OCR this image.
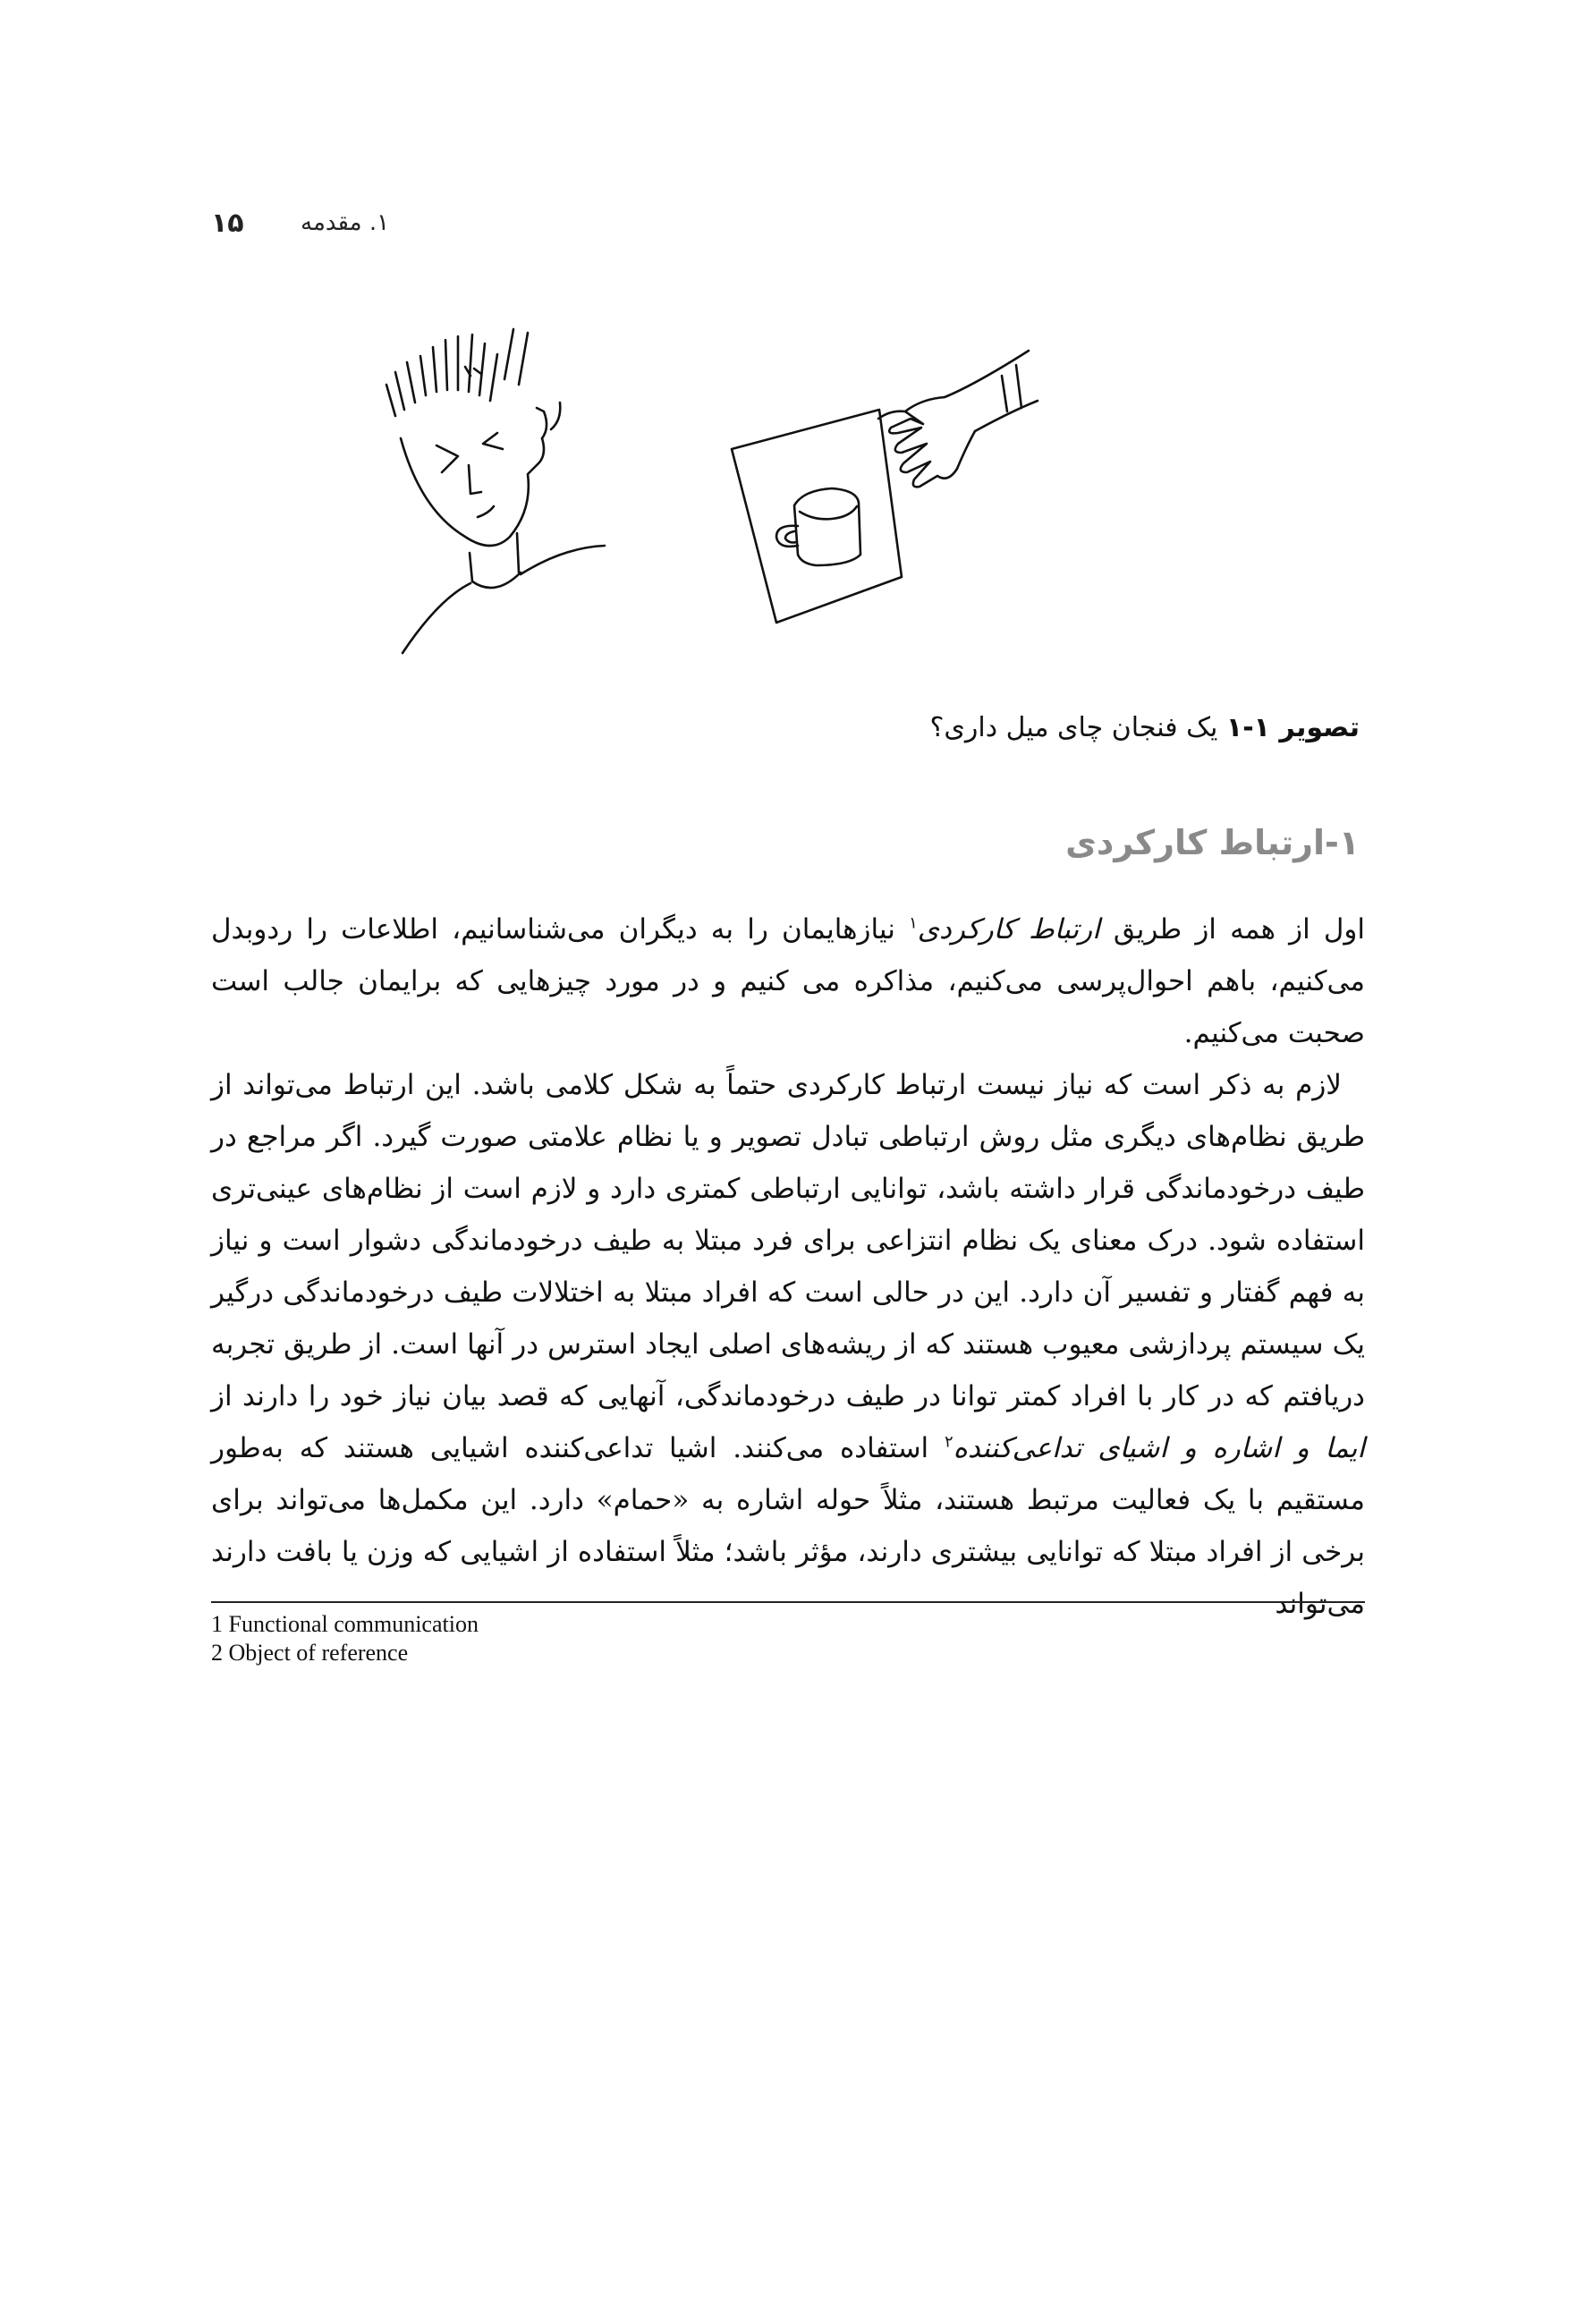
۱۵ ۱. مقدمه
تصویر ۱-۱ یک فنجان چای میل داری؟
۱-ارتباط کارکردی

اول از همه از طریق ارتباط کارکردی$^۱$ نیازهایمان را به دیگران می‌شناسانیم، اطلاعات را ردوبدل می‌کنیم، باهم احوال‌پرسی می‌کنیم، مذاکره می کنیم و در مورد چیزهایی که برایمان جالب است صحبت می‌کنیم.

لازم به ذکر است که نیاز نیست ارتباط کارکردی حتماً به شکل کلامی باشد. این ارتباط می‌تواند از طریق نظام‌های دیگری مثل روش ارتباطی تبادل تصویر و یا نظام علامتی صورت گیرد. اگر مراجع در طیف درخودماندگی قرار داشته باشد، توانایی ارتباطی کمتری دارد و لازم است از نظام‌های عینی‌تری استفاده شود. درک معنای یک نظام انتزاعی برای فرد مبتلا به طیف درخودماندگی دشوار است و نیاز به فهم گفتار و تفسیر آن دارد. این در حالی است که افراد مبتلا به اختلالات طیف درخودماندگی درگیر یک سیستم پردازشی معیوب هستند که از ریشه‌های اصلی ایجاد استرس در آنها است. از طریق تجربه دریافتم که در کار با افراد کمتر توانا در طیف درخودماندگی، آنهایی که قصد بیان نیاز خود را دارند از ایما و اشاره و اشیای تداعی‌کننده$^۲$ استفاده می‌کنند. اشیا تداعی‌کننده اشیایی هستند که به‌طور مستقیم با یک فعالیت مرتبط هستند، مثلاً حوله اشاره به «حمام» دارد. این مکمل‌ها می‌تواند برای برخی از افراد مبتلا که توانایی بیشتری دارند، مؤثر باشد؛ مثلاً استفاده از اشیایی که وزن یا بافت دارند می‌تواند

1 Functional communication
2 Object of reference
